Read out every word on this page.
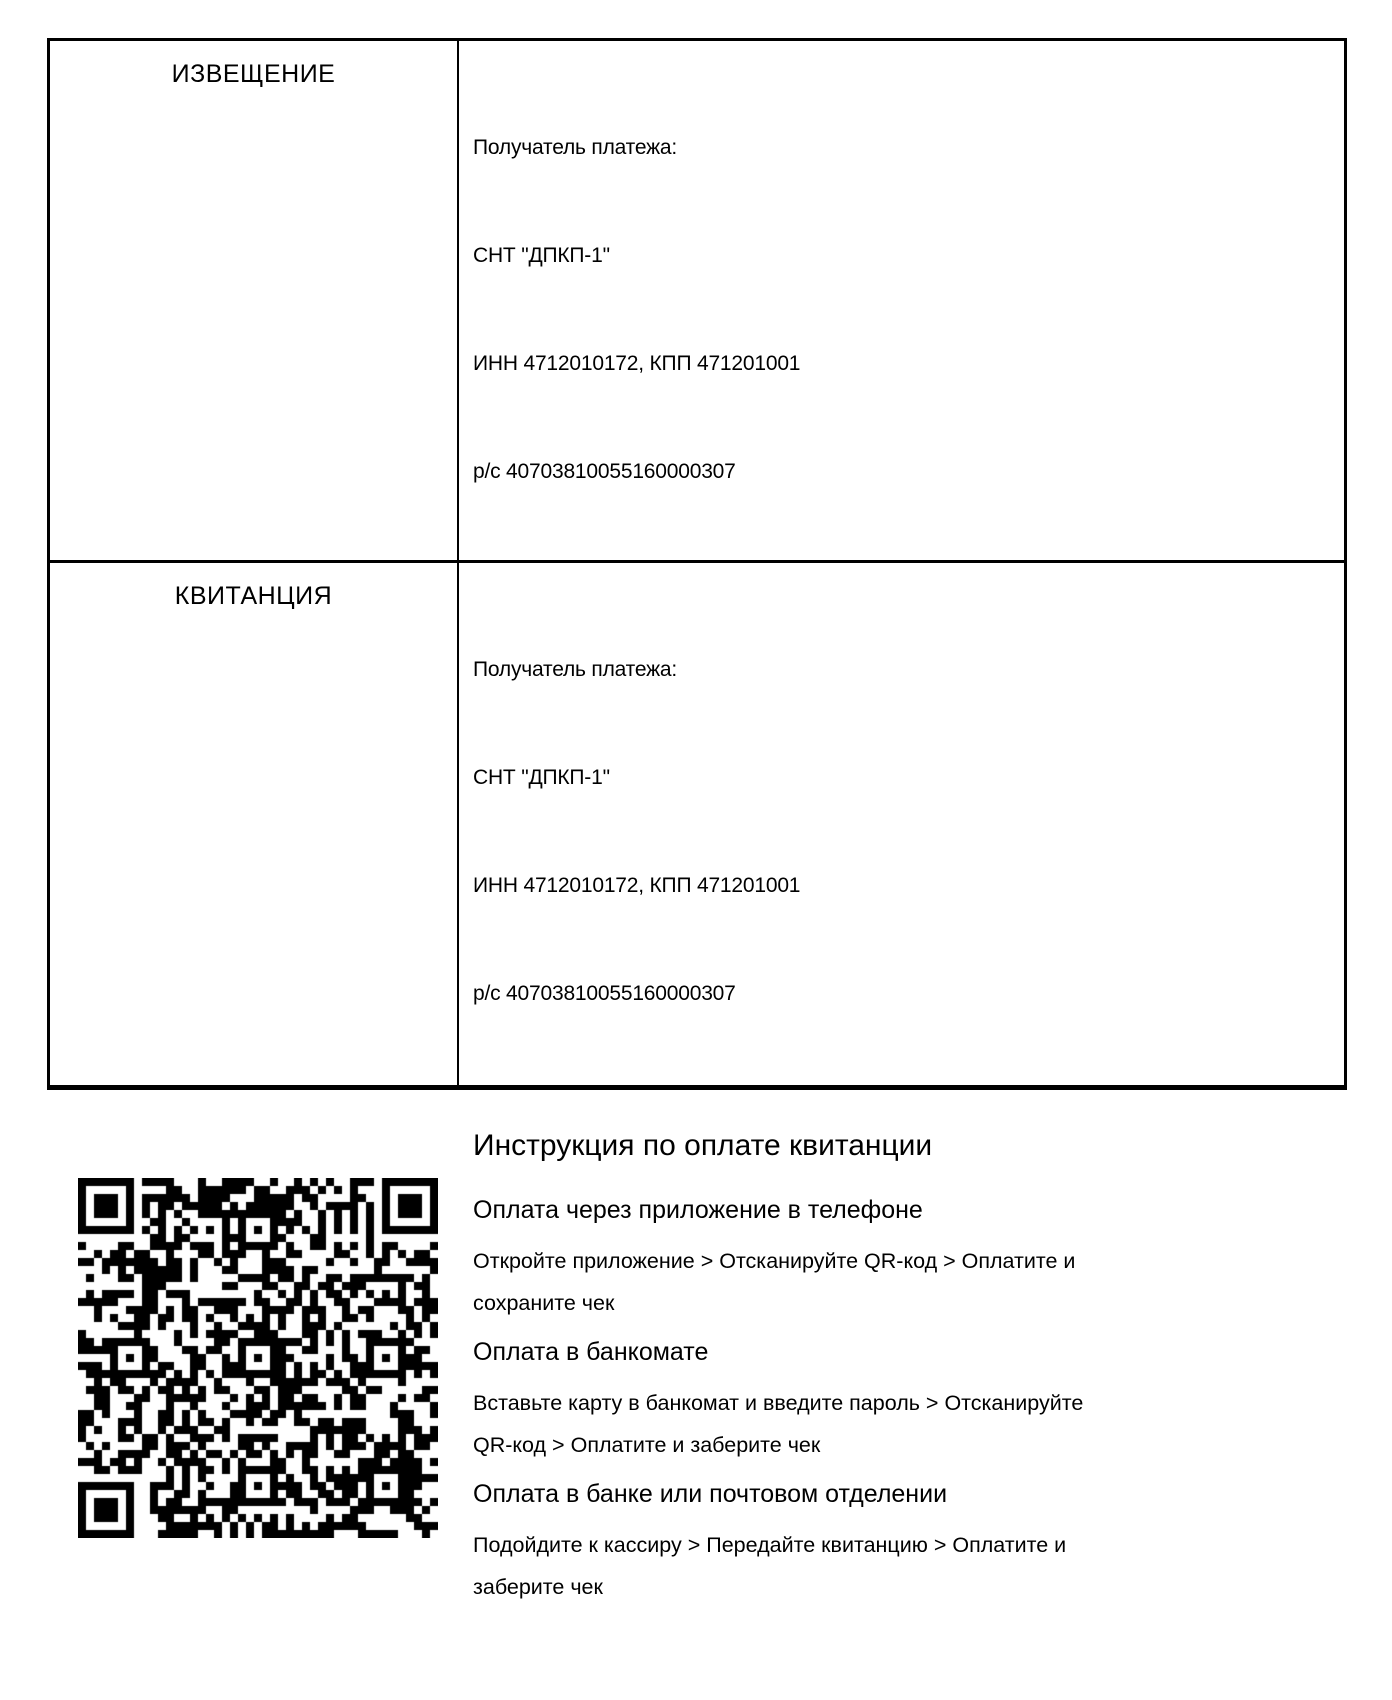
ИЗВЕЩЕНИЕ

Получатель платежа:

СНТ "ДПКП-1"

ИНН 4712010172, КПП 471201001

р/с 40703810055160000307

КВИТАНЦИЯ

Получатель платежа:

СНТ "ДПКП-1"

ИНН 4712010172, КПП 471201001

р/с 40703810055160000307

Инструкция по оплате квитанции
Оплата через приложение в телефоне

Откройте приложение > Отсканируйте QR-код > Оплатите и
сохраните чек

Оплата в банкомате

Вставьте карту в банкомат и введите пароль > Отсканируйте
QR-код > Оплатите и заберите чек

Оплата в банке или почтовом отделении

Подойдите к кассиру > Передайте квитанцию > Оплатите и
заберите чек
